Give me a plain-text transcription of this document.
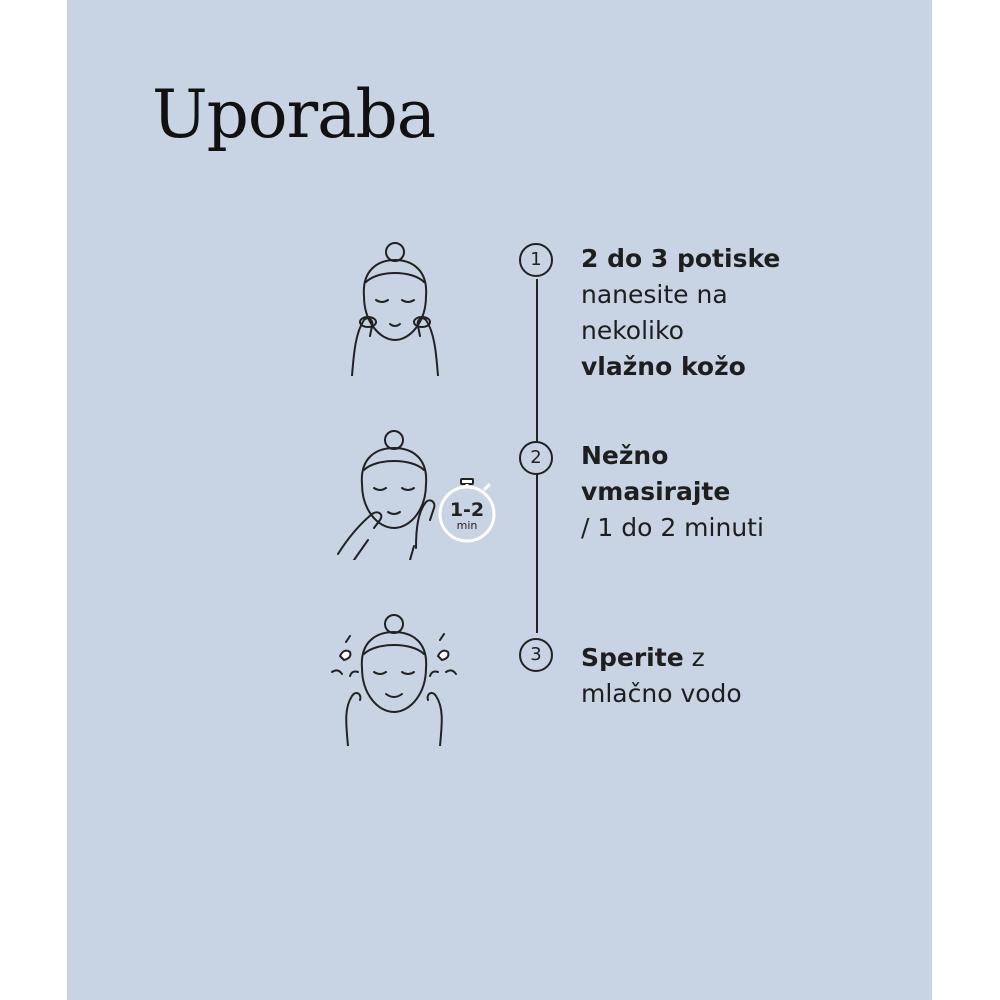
Uporaba
1	2 do 3 potiske
nanesite na
nekoliko
vlažno kožo
1-2
min
2	Nežno
vmasirajte
/ 1 do 2 minuti
3	Sperite z
mlačno vodo
